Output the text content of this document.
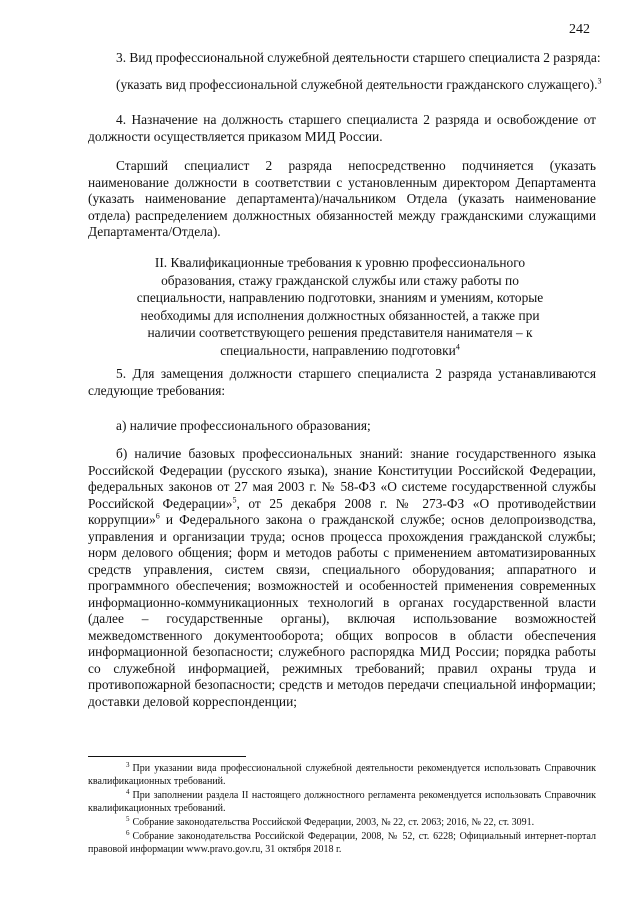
242

3. Вид профессиональной служебной деятельности старшего специалиста 2 разряда:

(указать вид профессиональной служебной деятельности гражданского служащего).$^3$

4. Назначение на должность старшего специалиста 2 разряда и освобождение от должности осуществляется приказом МИД России.

Старший специалист 2 разряда непосредственно подчиняется (указать наименование должности в соответствии с установленным директором Департамента (указать наименование департамента)/начальником Отдела (указать наименование отдела) распределением должностных обязанностей между гражданскими служащими Департамента/Отдела).

II. Квалификационные требования к уровню профессионального образования, стажу гражданской службы или стажу работы по специальности, направлению подготовки, знаниям и умениям, которые необходимы для исполнения должностных обязанностей, а также при наличии соответствующего решения представителя нанимателя – к специальности, направлению подготовки$^4$

5. Для замещения должности старшего специалиста 2 разряда устанавливаются следующие требования:

а) наличие профессионального образования;

б) наличие базовых профессиональных знаний: знание государственного языка Российской Федерации (русского языка), знание Конституции Российской Федерации, федеральных законов от 27 мая 2003 г. № 58-ФЗ «О системе государственной службы Российской Федерации»$^5$, от 25 декабря 2008 г. № 273-ФЗ «О противодействии коррупции»$^6$ и Федерального закона о гражданской службе; основ делопроизводства, управления и организации труда; основ процесса прохождения гражданской службы; норм делового общения; форм и методов работы с применением автоматизированных средств управления, систем связи, специального оборудования; аппаратного и программного обеспечения; возможностей и особенностей применения современных информационно-коммуникационных технологий в органах государственной власти (далее – государственные органы), включая использование возможностей межведомственного документооборота; общих вопросов в области обеспечения информационной безопасности; служебного распорядка МИД России; порядка работы со служебной информацией, режимных требований; правил охраны труда и противопожарной безопасности; средств и методов передачи специальной информации; доставки деловой корреспонденции;

$^3$ При указании вида профессиональной служебной деятельности рекомендуется использовать Справочник квалификационных требований.

$^4$ При заполнении раздела II настоящего должностного регламента рекомендуется использовать Справочник квалификационных требований.

$^5$ Собрание законодательства Российской Федерации, 2003, № 22, ст. 2063; 2016, № 22, ст. 3091.

$^6$ Собрание законодательства Российской Федерации, 2008, № 52, ст. 6228; Официальный интернет-портал правовой информации www.pravo.gov.ru, 31 октября 2018 г.
